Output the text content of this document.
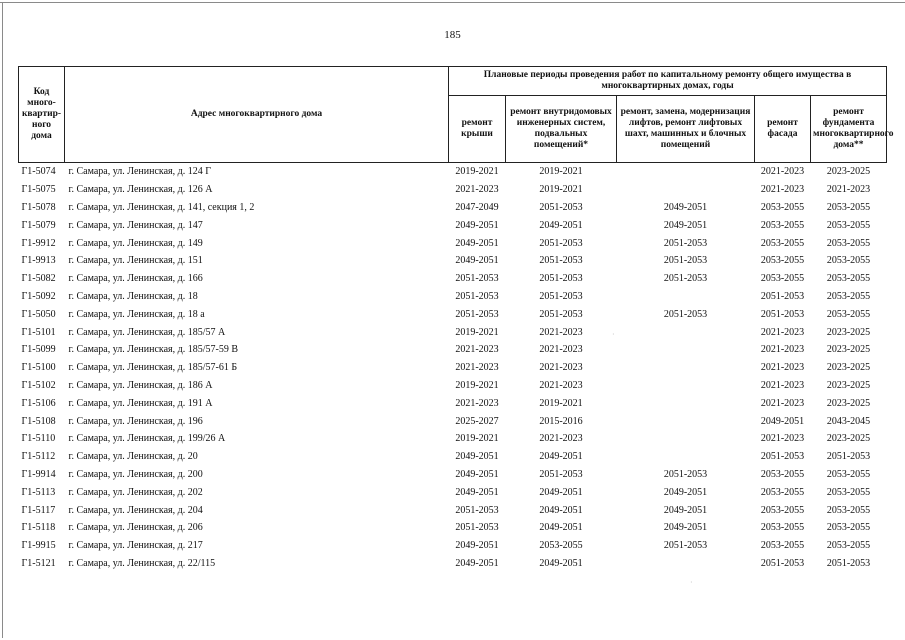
185
Код много-квартир-ного дома	Адрес многоквартирного дома	Плановые периоды проведения работ по капитальному ремонту общего имущества в многоквартирных домах, годы				
		ремонт крыши	ремонт внутридомовых инженерных систем, подвальных помещений*	ремонт, замена, модернизация лифтов, ремонт лифтовых шахт, машинных и блочных помещений	ремонт фасада	ремонт фундамента многоквартирного дома**
Г1-5074	г. Самара, ул. Ленинская, д. 124 Г	2019-2021	2019-2021		2021-2023	2023-2025
Г1-5075	г. Самара, ул. Ленинская, д. 126 А	2021-2023	2019-2021		2021-2023	2021-2023
Г1-5078	г. Самара, ул. Ленинская, д. 141, секция 1, 2	2047-2049	2051-2053	2049-2051	2053-2055	2053-2055
Г1-5079	г. Самара, ул. Ленинская, д. 147	2049-2051	2049-2051	2049-2051	2053-2055	2053-2055
Г1-9912	г. Самара, ул. Ленинская, д. 149	2049-2051	2051-2053	2051-2053	2053-2055	2053-2055
Г1-9913	г. Самара, ул. Ленинская, д. 151	2049-2051	2051-2053	2051-2053	2053-2055	2053-2055
Г1-5082	г. Самара, ул. Ленинская, д. 166	2051-2053	2051-2053	2051-2053	2053-2055	2053-2055
Г1-5092	г. Самара, ул. Ленинская, д. 18	2051-2053	2051-2053		2051-2053	2053-2055
Г1-5050	г. Самара, ул. Ленинская, д. 18 а	2051-2053	2051-2053	2051-2053	2051-2053	2053-2055
Г1-5101	г. Самара, ул. Ленинская, д. 185/57 А	2019-2021	2021-2023		2021-2023	2023-2025
Г1-5099	г. Самара, ул. Ленинская, д. 185/57-59 В	2021-2023	2021-2023		2021-2023	2023-2025
Г1-5100	г. Самара, ул. Ленинская, д. 185/57-61 Б	2021-2023	2021-2023		2021-2023	2023-2025
Г1-5102	г. Самара, ул. Ленинская, д. 186 А	2019-2021	2021-2023		2021-2023	2023-2025
Г1-5106	г. Самара, ул. Ленинская, д. 191 А	2021-2023	2019-2021		2021-2023	2023-2025
Г1-5108	г. Самара, ул. Ленинская, д. 196	2025-2027	2015-2016		2049-2051	2043-2045
Г1-5110	г. Самара, ул. Ленинская, д. 199/26 А	2019-2021	2021-2023		2021-2023	2023-2025
Г1-5112	г. Самара, ул. Ленинская, д. 20	2049-2051	2049-2051		2051-2053	2051-2053
Г1-9914	г. Самара, ул. Ленинская, д. 200	2049-2051	2051-2053	2051-2053	2053-2055	2053-2055
Г1-5113	г. Самара, ул. Ленинская, д. 202	2049-2051	2049-2051	2049-2051	2053-2055	2053-2055
Г1-5117	г. Самара, ул. Ленинская, д. 204	2051-2053	2049-2051	2049-2051	2053-2055	2053-2055
Г1-5118	г. Самара, ул. Ленинская, д. 206	2051-2053	2049-2051	2049-2051	2053-2055	2053-2055
Г1-9915	г. Самара, ул. Ленинская, д. 217	2049-2051	2053-2055	2051-2053	2053-2055	2053-2055
Г1-5121	г. Самара, ул. Ленинская, д. 22/115	2049-2051	2049-2051		2051-2053	2051-2053
·
·
